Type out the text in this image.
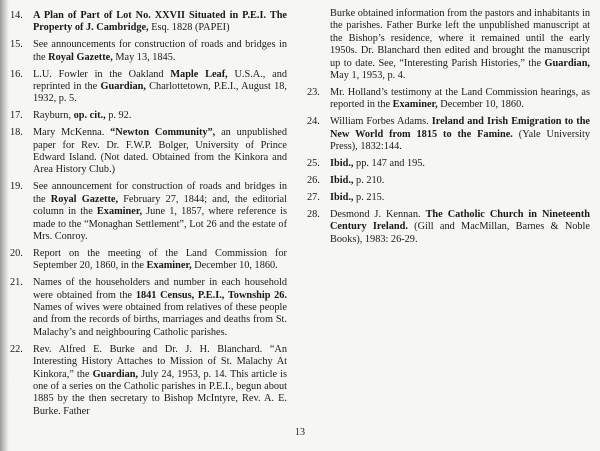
14. A Plan of Part of Lot No. XXVII Situated in P.E.I. The Property of J. Cambridge, Esq. 1828 (PAPEI)
15. See announcements for construction of roads and bridges in the Royal Gazette, May 13, 1845.
16. L.U. Fowler in the Oakland Maple Leaf, U.S.A., and reprinted in the Guardian, Charlottetown, P.E.I., August 18, 1932, p. 5.
17. Rayburn, op. cit., p. 92.
18. Mary McKenna. “Newton Community”, an unpublished paper for Rev. Dr. F.W.P. Bolger, University of Prince Edward Island. (Not dated. Obtained from the Kinkora and Area History Club.)
19. See announcement for construction of roads and bridges in the Royal Gazette, February 27, 1844; and, the editorial column in the Examiner, June 1, 1857, where reference is made to the “Monaghan Settlement”, Lot 26 and the estate of Mrs. Conroy.
20. Report on the meeting of the Land Commission for September 20, 1860, in the Examiner, December 10, 1860.
21. Names of the householders and number in each household were obtained from the 1841 Census, P.E.I., Township 26. Names of wives were obtained from relatives of these people and from the records of births, marriages and deaths from St. Malachy’s and neighbouring Catholic parishes.
22. Rev. Alfred E. Burke and Dr. J. H. Blanchard. “An Interesting History Attaches to Mission of St. Malachy At Kinkora,” the Guardian, July 24, 1953, p. 14. This article is one of a series on the Catholic parishes in P.E.I., begun about 1885 by the then secretary to Bishop McIntyre, Rev. A. E. Burke. Father
Burke obtained information from the pastors and inhabitants in the parishes. Father Burke left the unpublished manuscript at the Bishop’s residence, where it remained until the early 1950s. Dr. Blanchard then edited and brought the manuscript up to date. See, “Interesting Parish Histories,” the Guardian, May 1, 1953, p. 4.
23. Mr. Holland’s testimony at the Land Commission hearings, as reported in the Examiner, December 10, 1860.
24. William Forbes Adams. Ireland and Irish Emigration to the New World from 1815 to the Famine. (Yale University Press), 1832:144.
25. Ibid., pp. 147 and 195.
26. Ibid., p. 210.
27. Ibid., p. 215.
28. Desmond J. Kennan. The Catholic Church in Nineteenth Century Ireland. (Gill and MacMillan, Barnes & Noble Books), 1983: 26-29.
13
